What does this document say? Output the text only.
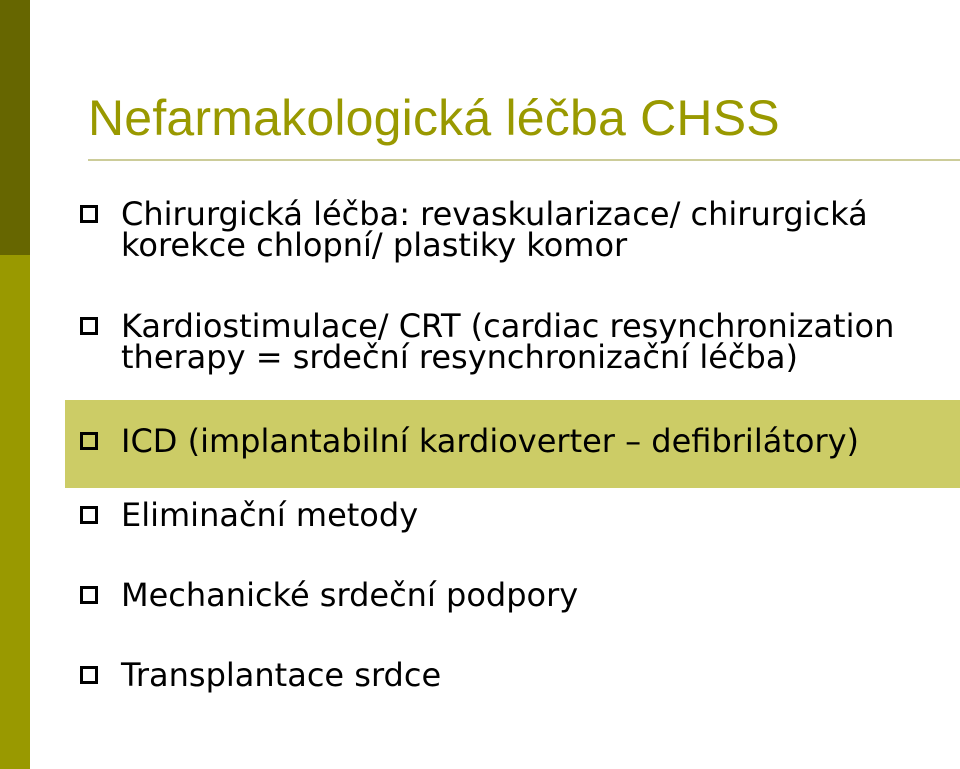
Nefarmakologická léčba CHSS
Chirurgická léčba: revaskularizace/ chirurgická
korekce chlopní/ plastiky komor
Kardiostimulace/ CRT (cardiac resynchronization
therapy = srdeční resynchronizační léčba)
ICD (implantabilní kardioverter – defibrilátory)
Eliminační metody
Mechanické srdeční podpory
Transplantace srdce
